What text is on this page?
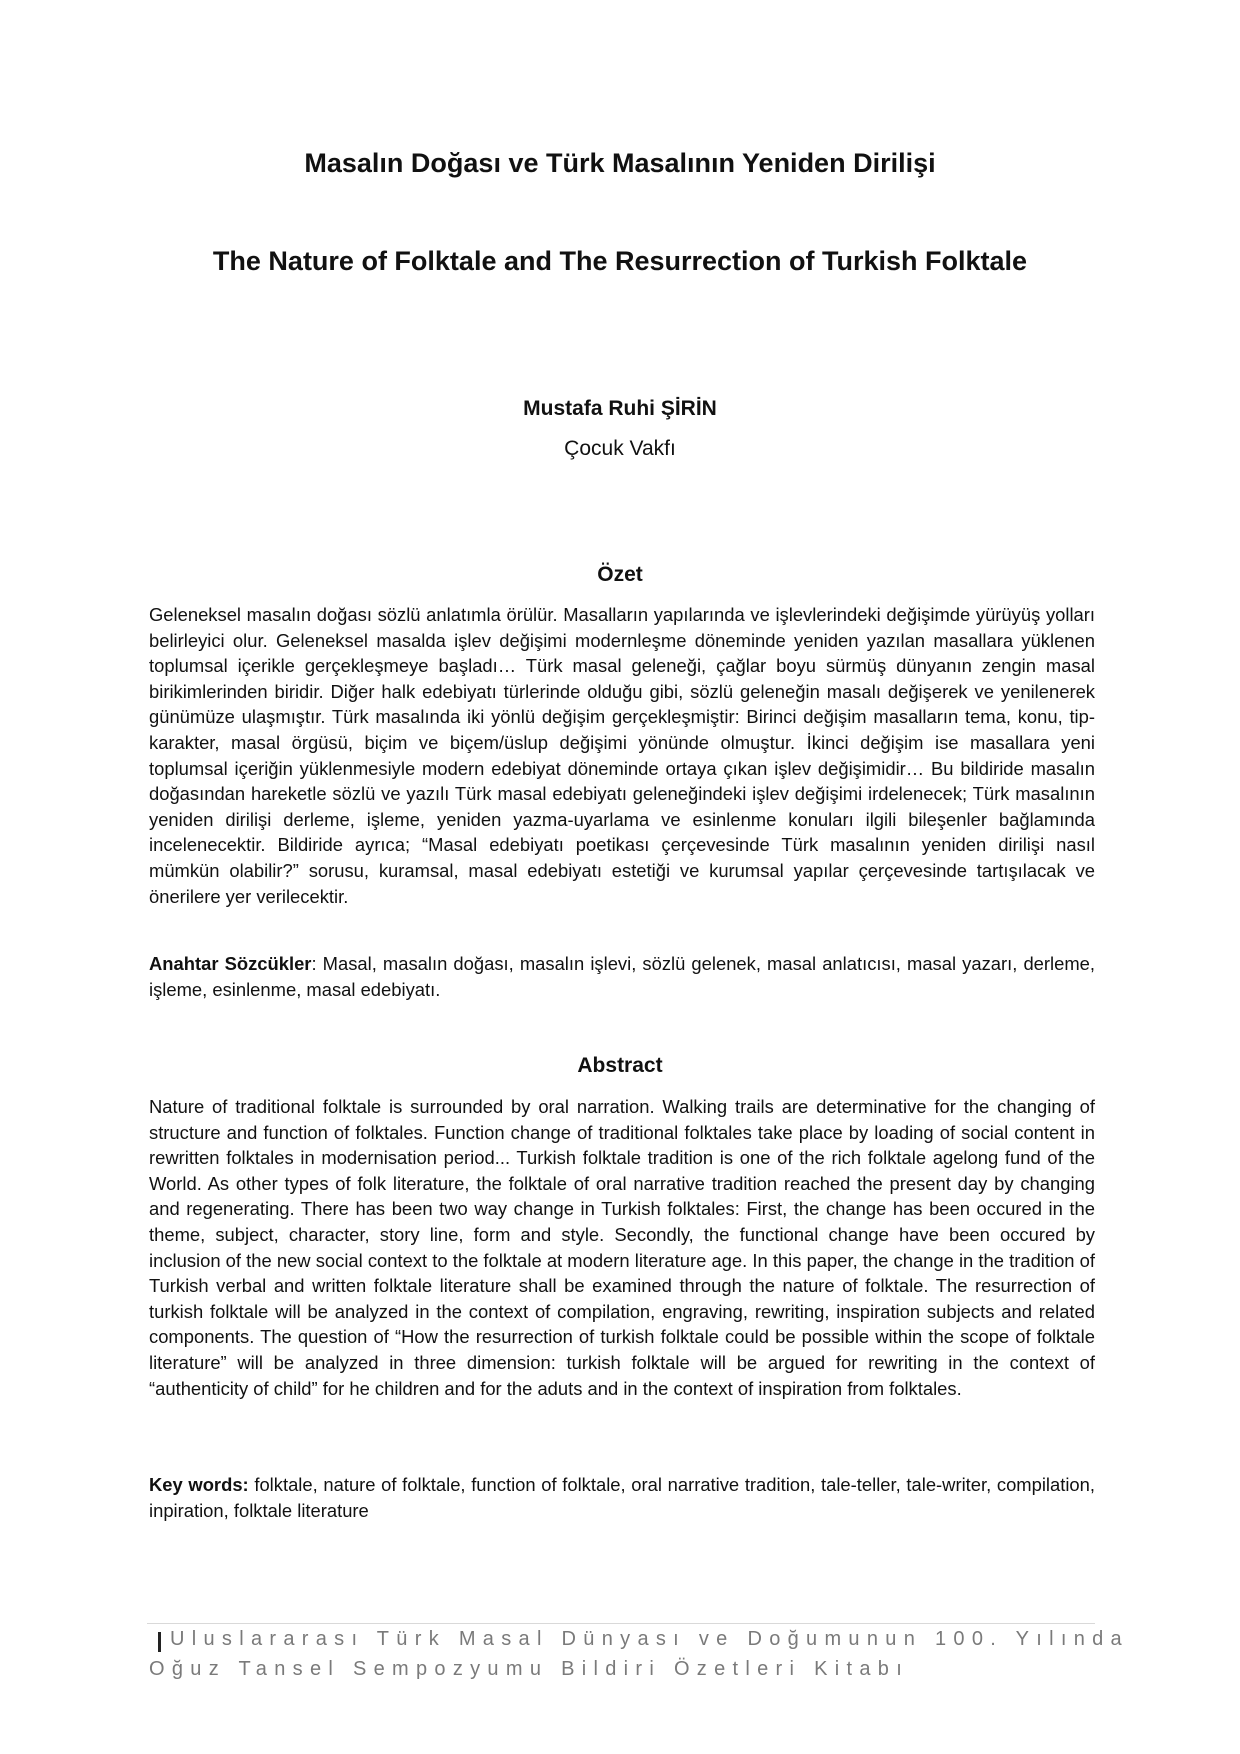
Masalın Doğası ve Türk Masalının Yeniden Dirilişi
The Nature of Folktale and The Resurrection of Turkish Folktale
Mustafa Ruhi ŞİRİN
Çocuk Vakfı
Özet

Geleneksel masalın doğası sözlü anlatımla örülür. Masalların yapılarında ve işlevlerindeki değişimde yürüyüş yolları belirleyici olur. Geleneksel masalda işlev değişimi modernleşme döneminde yeniden yazılan masallara yüklenen toplumsal içerikle gerçekleşmeye başladı… Türk masal geleneği, çağlar boyu sürmüş dünyanın zengin masal birikimlerinden biridir. Diğer halk edebiyatı türlerinde olduğu gibi, sözlü geleneğin masalı değişerek ve yenilenerek günümüze ulaşmıştır. Türk masalında iki yönlü değişim gerçekleşmiştir: Birinci değişim masalların tema, konu, tip-karakter, masal örgüsü, biçim ve biçem/üslup değişimi yönünde olmuştur. İkinci değişim ise masallara yeni toplumsal içeriğin yüklenmesiyle modern edebiyat döneminde ortaya çıkan işlev değişimidir… Bu bildiride masalın doğasından hareketle sözlü ve yazılı Türk masal edebiyatı geleneğindeki işlev değişimi irdelenecek; Türk masalının yeniden dirilişi derleme, işleme, yeniden yazma-uyarlama ve esinlenme konuları ilgili bileşenler bağlamında incelenecektir. Bildiride ayrıca; “Masal edebiyatı poetikası çerçevesinde Türk masalının yeniden dirilişi nasıl mümkün olabilir?” sorusu, kuramsal, masal edebiyatı estetiği ve kurumsal yapılar çerçevesinde tartışılacak ve önerilere yer verilecektir.

Anahtar Sözcükler: Masal, masalın doğası, masalın işlevi, sözlü gelenek, masal anlatıcısı, masal yazarı, derleme, işleme, esinlenme, masal edebiyatı.

Abstract

Nature of traditional folktale is surrounded by oral narration. Walking trails are determinative for the changing of structure and function of folktales. Function change of traditional folktales take place by loading of social content in rewritten folktales in modernisation period... Turkish folktale tradition is one of the rich folktale agelong fund of the World. As other types of folk literature, the folktale of oral narrative tradition reached the present day by changing and regenerating. There has been two way change in Turkish folktales: First, the change has been occured in the theme, subject, character, story line, form and style. Secondly, the functional change have been occured by inclusion of the new social context to the folktale at modern literature age. In this paper, the change in the tradition of Turkish verbal and written folktale literature shall be examined through the nature of folktale. The resurrection of turkish folktale will be analyzed in the context of compilation, engraving, rewriting, inspiration subjects and related components. The question of “How the resurrection of turkish folktale could be possible within the scope of folktale literature” will be analyzed in three dimension: turkish folktale will be argued for rewriting in the context of “authenticity of child” for he children and for the aduts and in the context of inspiration from folktales.

Key words: folktale, nature of folktale, function of folktale, oral narrative tradition, tale-teller, tale-writer, compilation, inpiration, folktale literature

Uluslararası Türk Masal Dünyası ve Doğumunun 100. Yılında
Oğuz Tansel Sempozyumu Bildiri Özetleri Kitabı
